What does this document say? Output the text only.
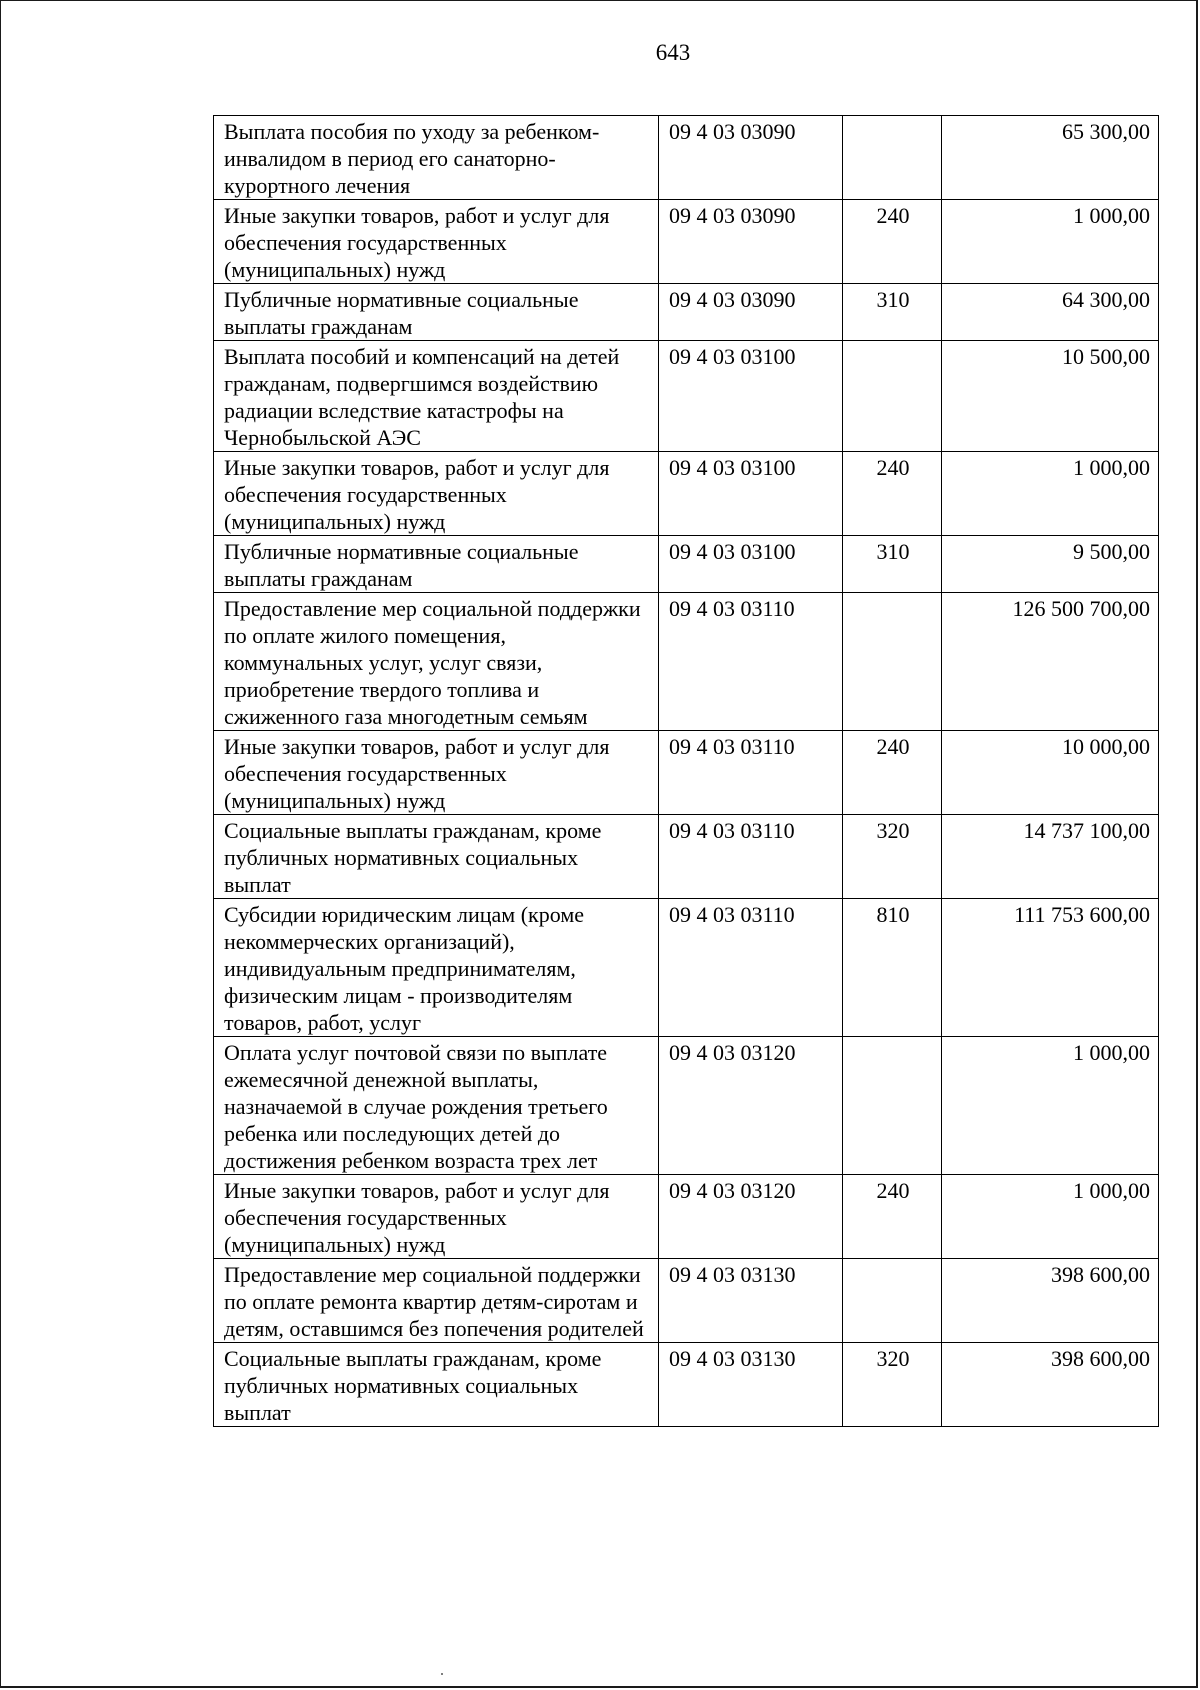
643
Выплата пособия по уходу за ребенком-инвалидом в период его санаторно-курортного лечения	09 4 03 03090		65 300,00
Иные закупки товаров, работ и услуг для обеспечения государственных (муниципальных) нужд	09 4 03 03090	240	1 000,00
Публичные нормативные социальные выплаты гражданам	09 4 03 03090	310	64 300,00
Выплата пособий и компенсаций на детей гражданам, подвергшимся воздействию радиации вследствие катастрофы на Чернобыльской АЭС	09 4 03 03100		10 500,00
Иные закупки товаров, работ и услуг для обеспечения государственных (муниципальных) нужд	09 4 03 03100	240	1 000,00
Публичные нормативные социальные выплаты гражданам	09 4 03 03100	310	9 500,00
Предоставление мер социальной поддержки по оплате жилого помещения, коммунальных услуг, услуг связи, приобретение твердого топлива и сжиженного газа многодетным семьям	09 4 03 03110		126 500 700,00
Иные закупки товаров, работ и услуг для обеспечения государственных (муниципальных) нужд	09 4 03 03110	240	10 000,00
Социальные выплаты гражданам, кроме публичных нормативных социальных выплат	09 4 03 03110	320	14 737 100,00
Субсидии юридическим лицам (кроме некоммерческих организаций), индивидуальным предпринимателям, физическим лицам - производителям товаров, работ, услуг	09 4 03 03110	810	111 753 600,00
Оплата услуг почтовой связи по выплате ежемесячной денежной выплаты, назначаемой в случае рождения третьего ребенка или последующих детей до достижения ребенком возраста трех лет	09 4 03 03120		1 000,00
Иные закупки товаров, работ и услуг для обеспечения государственных (муниципальных) нужд	09 4 03 03120	240	1 000,00
Предоставление мер социальной поддержки по оплате ремонта квартир детям-сиротам и детям, оставшимся без попечения родителей	09 4 03 03130		398 600,00
Социальные выплаты гражданам, кроме публичных нормативных социальных выплат	09 4 03 03130	320	398 600,00
